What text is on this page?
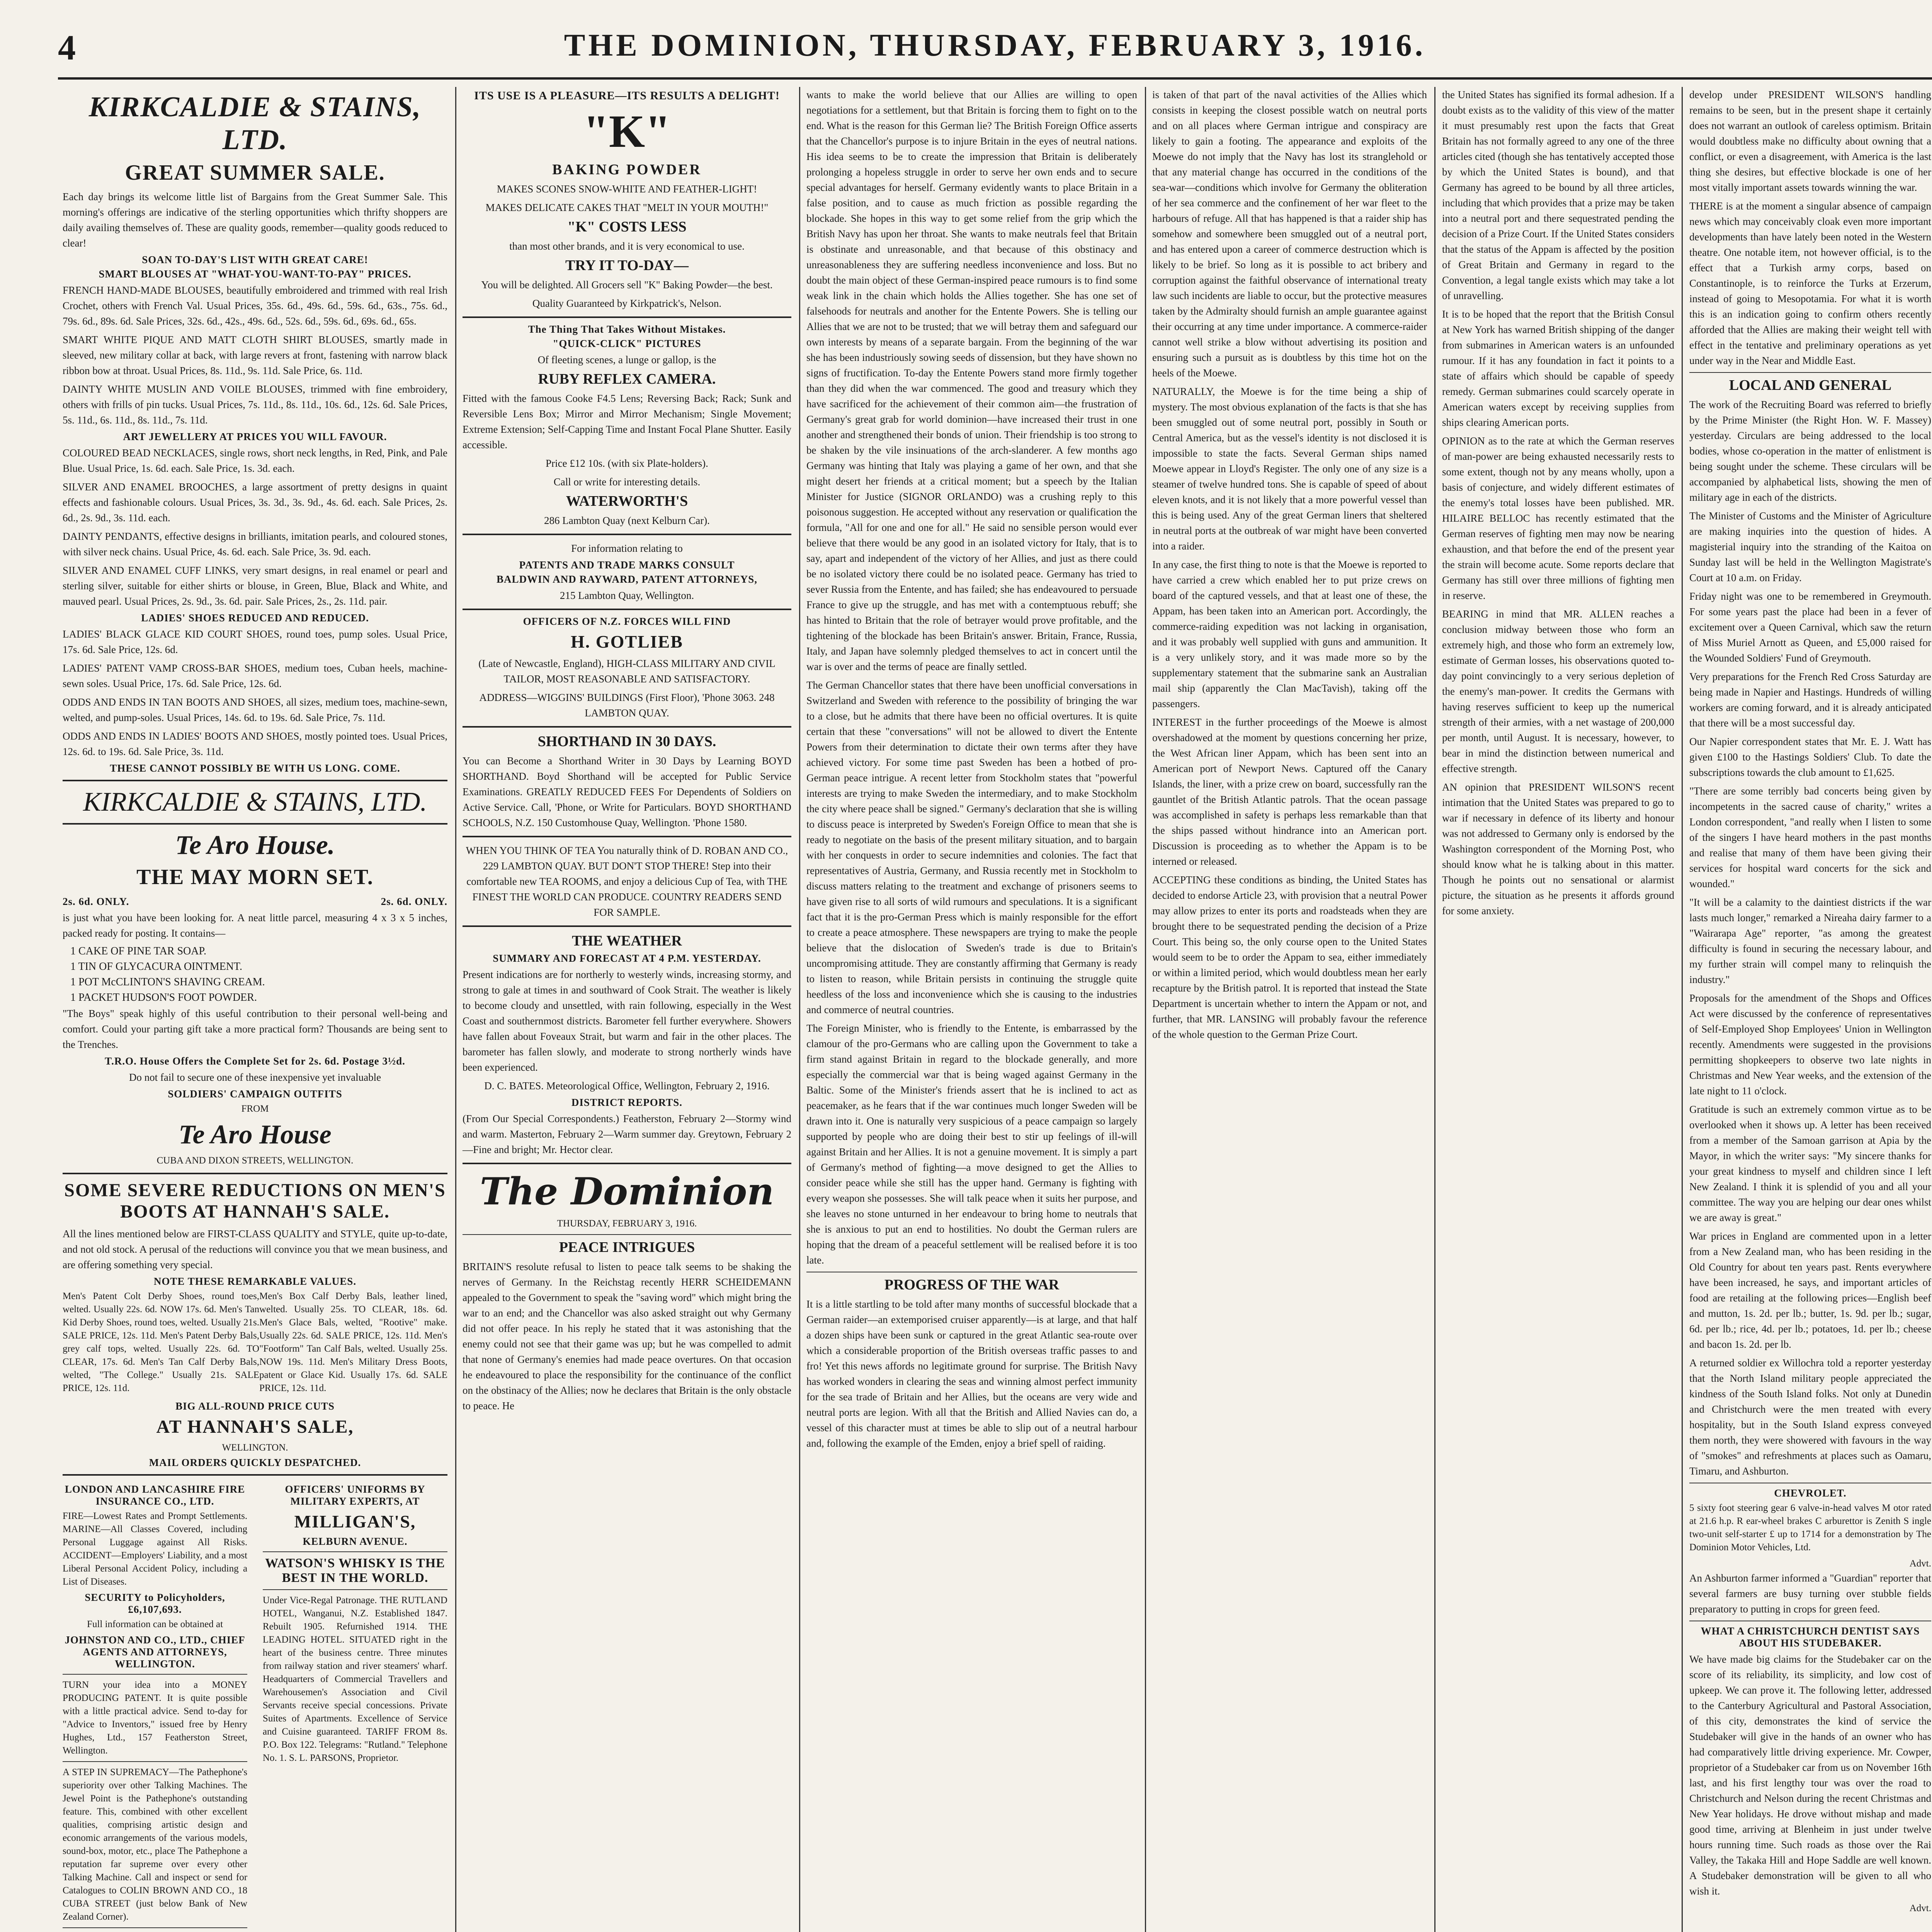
4	THE DOMINION, THURSDAY, FEBRUARY 3, 1916.
KIRKCALDIE & STAINS, LTD.
GREAT SUMMER SALE.

Each day brings its welcome little list of Bargains from the Great Summer Sale. This morning's offerings are indicative of the sterling opportunities which thrifty shoppers are daily availing themselves of. These are quality goods, remember—quality goods reduced to clear!

SOAN TO-DAY'S LIST WITH GREAT CARE!
SMART BLOUSES AT "WHAT-YOU-WANT-TO-PAY" PRICES.

FRENCH HAND-MADE BLOUSES, beautifully embroidered and trimmed with real Irish Crochet, others with French Val. Usual Prices, 35s. 6d., 49s. 6d., 59s. 6d., 63s., 75s. 6d., 79s. 6d., 89s. 6d. Sale Prices, 32s. 6d., 42s., 49s. 6d., 52s. 6d., 59s. 6d., 69s. 6d., 65s.

SMART WHITE PIQUE AND MATT CLOTH SHIRT BLOUSES, smartly made in sleeved, new military collar at back, with large revers at front, fastening with narrow black ribbon bow at throat. Usual Prices, 8s. 11d., 9s. 11d. Sale Price, 6s. 11d.

DAINTY WHITE MUSLIN AND VOILE BLOUSES, trimmed with fine embroidery, others with frills of pin tucks. Usual Prices, 7s. 11d., 8s. 11d., 10s. 6d., 12s. 6d. Sale Prices, 5s. 11d., 6s. 11d., 8s. 11d., 7s. 11d.

ART JEWELLERY AT PRICES YOU WILL FAVOUR.

COLOURED BEAD NECKLACES, single rows, short neck lengths, in Red, Pink, and Pale Blue. Usual Price, 1s. 6d. each. Sale Price, 1s. 3d. each.

SILVER AND ENAMEL BROOCHES, a large assortment of pretty designs in quaint effects and fashionable colours. Usual Prices, 3s. 3d., 3s. 9d., 4s. 6d. each. Sale Prices, 2s. 6d., 2s. 9d., 3s. 11d. each.

DAINTY PENDANTS, effective designs in brilliants, imitation pearls, and coloured stones, with silver neck chains. Usual Price, 4s. 6d. each. Sale Price, 3s. 9d. each.

SILVER AND ENAMEL CUFF LINKS, very smart designs, in real enamel or pearl and sterling silver, suitable for either shirts or blouse, in Green, Blue, Black and White, and mauved pearl. Usual Prices, 2s. 9d., 3s. 6d. pair. Sale Prices, 2s., 2s. 11d. pair.

LADIES' SHOES REDUCED AND REDUCED.

LADIES' BLACK GLACE KID COURT SHOES, round toes, pump soles. Usual Price, 17s. 6d. Sale Price, 12s. 6d.

LADIES' PATENT VAMP CROSS-BAR SHOES, medium toes, Cuban heels, machine-sewn soles. Usual Price, 17s. 6d. Sale Price, 12s. 6d.

ODDS AND ENDS IN TAN BOOTS AND SHOES, all sizes, medium toes, machine-sewn, welted, and pump-soles. Usual Prices, 14s. 6d. to 19s. 6d. Sale Price, 7s. 11d.

ODDS AND ENDS IN LADIES' BOOTS AND SHOES, mostly pointed toes. Usual Prices, 12s. 6d. to 19s. 6d. Sale Price, 3s. 11d.

THESE CANNOT POSSIBLY BE WITH US LONG. COME.
KIRKCALDIE & STAINS, LTD.
Te Aro House.
THE MAY MORN SET.
2s. 6d. ONLY.	2s. 6d. ONLY.

is just what you have been looking for. A neat little parcel, measuring 4 x 3 x 5 inches, packed ready for posting. It contains—

1 CAKE OF PINE TAR SOAP.
1 TIN OF GLYCACURA OINTMENT.
1 POT McCLINTON'S SHAVING CREAM.
1 PACKET HUDSON'S FOOT POWDER.

"The Boys" speak highly of this useful contribution to their personal well-being and comfort. Could your parting gift take a more practical form? Thousands are being sent to the Trenches.

T.R.O. House Offers the Complete Set for 2s. 6d. Postage 3½d.

Do not fail to secure one of these inexpensive yet invaluable

SOLDIERS' CAMPAIGN OUTFITS
FROM
Te Aro House
CUBA AND DIXON STREETS, WELLINGTON.
SOME SEVERE REDUCTIONS ON MEN'S BOOTS AT HANNAH'S SALE.

All the lines mentioned below are FIRST-CLASS QUALITY and STYLE, quite up-to-date, and not old stock. A perusal of the reductions will convince you that we mean business, and are offering something very special.

NOTE THESE REMARKABLE VALUES.

Men's Patent Colt Derby Shoes, round toes, welted. Usually 22s. 6d. NOW 17s. 6d. Men's Tan Kid Derby Shoes, round toes, welted. Usually 21s. SALE PRICE, 12s. 11d. Men's Patent Derby Bals, grey calf tops, welted. Usually 22s. 6d. TO CLEAR, 17s. 6d. Men's Tan Calf Derby Bals, welted, "The College." Usually 21s. SALE PRICE, 12s. 11d.

Men's Box Calf Derby Bals, leather lined, welted. Usually 25s. TO CLEAR, 18s. 6d. Men's Glace Bals, welted, "Rootive" make. Usually 22s. 6d. SALE PRICE, 12s. 11d. Men's "Footform" Tan Calf Bals, welted. Usually 25s. NOW 19s. 11d. Men's Military Dress Boots, patent or Glace Kid. Usually 17s. 6d. SALE PRICE, 12s. 11d.

BIG ALL-ROUND PRICE CUTS
AT HANNAH'S SALE,
WELLINGTON.
MAIL ORDERS QUICKLY DESPATCHED.
LONDON AND LANCASHIRE FIRE INSURANCE CO., LTD.

FIRE—Lowest Rates and Prompt Settlements. MARINE—All Classes Covered, including Personal Luggage against All Risks. ACCIDENT—Employers' Liability, and a most Liberal Personal Accident Policy, including a List of Diseases.

SECURITY to Policyholders, £6,107,693.

Full information can be obtained at

JOHNSTON AND CO., LTD., CHIEF AGENTS AND ATTORNEYS, WELLINGTON.

TURN your idea into a MONEY PRODUCING PATENT. It is quite possible with a little practical advice. Send to-day for "Advice to Inventors," issued free by Henry Hughes, Ltd., 157 Featherston Street, Wellington.

A STEP IN SUPREMACY—The Pathephone's superiority over other Talking Machines. The Jewel Point is the Pathephone's outstanding feature. This, combined with other excellent qualities, comprising artistic design and economic arrangements of the various models, sound-box, motor, etc., place The Pathephone a reputation far supreme over every other Talking Machine. Call and inspect or send for Catalogues to COLIN BROWN AND CO., 18 CUBA STREET (just below Bank of New Zealand Corner).

OFFICERS' UNIFORMS BY MILITARY EXPERTS, AT
MILLIGAN'S,
KELBURN AVENUE.
WATSON'S WHISKY IS THE BEST IN THE WORLD.

Under Vice-Regal Patronage. THE RUTLAND HOTEL, Wanganui, N.Z. Established 1847. Rebuilt 1905. Refurnished 1914. THE LEADING HOTEL. SITUATED right in the heart of the business centre. Three minutes from railway station and river steamers' wharf. Headquarters of Commercial Travellers and Warehousemen's Association and Civil Servants receive special concessions. Private Suites of Apartments. Excellence of Service and Cuisine guaranteed. TARIFF FROM 8s. P.O. Box 122. Telegrams: "Rutland." Telephone No. 1. S. L. PARSONS, Proprietor.

ITS USE IS A PLEASURE—ITS RESULTS A DELIGHT!
"K"
BAKING POWDER

MAKES SCONES SNOW-WHITE AND FEATHER-LIGHT!

MAKES DELICATE CAKES THAT "MELT IN YOUR MOUTH!"

"K" COSTS LESS

than most other brands, and it is very economical to use.

TRY IT TO-DAY—

You will be delighted. All Grocers sell "K" Baking Powder—the best.

Quality Guaranteed by Kirkpatrick's, Nelson.

The Thing That Takes Without Mistakes.
"QUICK-CLICK" PICTURES

Of fleeting scenes, a lunge or gallop, is the

RUBY REFLEX CAMERA.

Fitted with the famous Cooke F4.5 Lens; Reversing Back; Rack; Sunk and Reversible Lens Box; Mirror and Mirror Mechanism; Single Movement; Extreme Extension; Self-Capping Time and Instant Focal Plane Shutter. Easily accessible.

Price £12 10s. (with six Plate-holders).

Call or write for interesting details.

WATERWORTH'S

286 Lambton Quay (next Kelburn Car).

For information relating to

PATENTS AND TRADE MARKS CONSULT
BALDWIN AND RAYWARD, PATENT ATTORNEYS,

215 Lambton Quay, Wellington.

OFFICERS OF N.Z. FORCES WILL FIND
H. GOTLIEB

(Late of Newcastle, England), HIGH-CLASS MILITARY AND CIVIL TAILOR, MOST REASONABLE AND SATISFACTORY.

ADDRESS—WIGGINS' BUILDINGS (First Floor), 'Phone 3063. 248 LAMBTON QUAY.

SHORTHAND IN 30 DAYS.

You can Become a Shorthand Writer in 30 Days by Learning BOYD SHORTHAND. Boyd Shorthand will be accepted for Public Service Examinations. GREATLY REDUCED FEES For Dependents of Soldiers on Active Service. Call, 'Phone, or Write for Particulars. BOYD SHORTHAND SCHOOLS, N.Z. 150 Customhouse Quay, Wellington. 'Phone 1580.

WHEN YOU THINK OF TEA You naturally think of D. ROBAN AND CO., 229 LAMBTON QUAY. BUT DON'T STOP THERE! Step into their comfortable new TEA ROOMS, and enjoy a delicious Cup of Tea, with THE FINEST THE WORLD CAN PRODUCE. COUNTRY READERS SEND FOR SAMPLE.

THE WEATHER
SUMMARY AND FORECAST AT 4 P.M. YESTERDAY.

Present indications are for northerly to westerly winds, increasing stormy, and strong to gale at times in and southward of Cook Strait. The weather is likely to become cloudy and unsettled, with rain following, especially in the West Coast and southernmost districts. Barometer fell further everywhere. Showers have fallen about Foveaux Strait, but warm and fair in the other places. The barometer has fallen slowly, and moderate to strong northerly winds have been experienced.

D. C. BATES. Meteorological Office, Wellington, February 2, 1916.

DISTRICT REPORTS.

(From Our Special Correspondents.) Featherston, February 2—Stormy wind and warm. Masterton, February 2—Warm summer day. Greytown, February 2—Fine and bright; Mr. Hector clear.

The Dominion
THURSDAY, FEBRUARY 3, 1916.
PEACE INTRIGUES

BRITAIN'S resolute refusal to listen to peace talk seems to be shaking the nerves of Germany. In the Reichstag recently HERR SCHEIDEMANN appealed to the Government to speak the "saving word" which might bring the war to an end; and the Chancellor was also asked straight out why Germany did not offer peace. In his reply he stated that it was astonishing that the enemy could not see that their game was up; but he was compelled to admit that none of Germany's enemies had made peace overtures. On that occasion he endeavoured to place the responsibility for the continuance of the conflict on the obstinacy of the Allies; now he declares that Britain is the only obstacle to peace. He

wants to make the world believe that our Allies are willing to open negotiations for a settlement, but that Britain is forcing them to fight on to the end. What is the reason for this German lie? The British Foreign Office asserts that the Chancellor's purpose is to injure Britain in the eyes of neutral nations. His idea seems to be to create the impression that Britain is deliberately prolonging a hopeless struggle in order to serve her own ends and to secure special advantages for herself. Germany evidently wants to place Britain in a false position, and to cause as much friction as possible regarding the blockade. She hopes in this way to get some relief from the grip which the British Navy has upon her throat. She wants to make neutrals feel that Britain is obstinate and unreasonable, and that because of this obstinacy and unreasonableness they are suffering needless inconvenience and loss. But no doubt the main object of these German-inspired peace rumours is to find some weak link in the chain which holds the Allies together. She has one set of falsehoods for neutrals and another for the Entente Powers. She is telling our Allies that we are not to be trusted; that we will betray them and safeguard our own interests by means of a separate bargain. From the beginning of the war she has been industriously sowing seeds of dissension, but they have shown no signs of fructification. To-day the Entente Powers stand more firmly together than they did when the war commenced. The good and treasury which they have sacrificed for the achievement of their common aim—the frustration of Germany's great grab for world dominion—have increased their trust in one another and strengthened their bonds of union. Their friendship is too strong to be shaken by the vile insinuations of the arch-slanderer. A few months ago Germany was hinting that Italy was playing a game of her own, and that she might desert her friends at a critical moment; but a speech by the Italian Minister for Justice (SIGNOR ORLANDO) was a crushing reply to this poisonous suggestion. He accepted without any reservation or qualification the formula, "All for one and one for all." He said no sensible person would ever believe that there would be any good in an isolated victory for Italy, that is to say, apart and independent of the victory of her Allies, and just as there could be no isolated victory there could be no isolated peace. Germany has tried to sever Russia from the Entente, and has failed; she has endeavoured to persuade France to give up the struggle, and has met with a contemptuous rebuff; she has hinted to Britain that the role of betrayer would prove profitable, and the tightening of the blockade has been Britain's answer. Britain, France, Russia, Italy, and Japan have solemnly pledged themselves to act in concert until the war is over and the terms of peace are finally settled.

The German Chancellor states that there have been unofficial conversations in Switzerland and Sweden with reference to the possibility of bringing the war to a close, but he admits that there have been no official overtures. It is quite certain that these "conversations" will not be allowed to divert the Entente Powers from their determination to dictate their own terms after they have achieved victory. For some time past Sweden has been a hotbed of pro-German peace intrigue. A recent letter from Stockholm states that "powerful interests are trying to make Sweden the intermediary, and to make Stockholm the city where peace shall be signed." Germany's declaration that she is willing to discuss peace is interpreted by Sweden's Foreign Office to mean that she is ready to negotiate on the basis of the present military situation, and to bargain with her conquests in order to secure indemnities and colonies. The fact that representatives of Austria, Germany, and Russia recently met in Stockholm to discuss matters relating to the treatment and exchange of prisoners seems to have given rise to all sorts of wild rumours and speculations. It is a significant fact that it is the pro-German Press which is mainly responsible for the effort to create a peace atmosphere. These newspapers are trying to make the people believe that the dislocation of Sweden's trade is due to Britain's uncompromising attitude. They are constantly affirming that Germany is ready to listen to reason, while Britain persists in continuing the struggle quite heedless of the loss and inconvenience which she is causing to the industries and commerce of neutral countries.

The Foreign Minister, who is friendly to the Entente, is embarrassed by the clamour of the pro-Germans who are calling upon the Government to take a firm stand against Britain in regard to the blockade generally, and more especially the commercial war that is being waged against Germany in the Baltic. Some of the Minister's friends assert that he is inclined to act as peacemaker, as he fears that if the war continues much longer Sweden will be drawn into it. One is naturally very suspicious of a peace campaign so largely supported by people who are doing their best to stir up feelings of ill-will against Britain and her Allies. It is not a genuine movement. It is simply a part of Germany's method of fighting—a move designed to get the Allies to consider peace while she still has the upper hand. Germany is fighting with every weapon she possesses. She will talk peace when it suits her purpose, and she leaves no stone unturned in her endeavour to bring home to neutrals that she is anxious to put an end to hostilities. No doubt the German rulers are hoping that the dream of a peaceful settlement will be realised before it is too late.

PROGRESS OF THE WAR

It is a little startling to be told after many months of successful blockade that a German raider—an extemporised cruiser apparently—is at large, and that half a dozen ships have been sunk or captured in the great Atlantic sea-route over which a considerable proportion of the British overseas traffic passes to and fro! Yet this news affords no legitimate ground for surprise. The British Navy has worked wonders in clearing the seas and winning almost perfect immunity for the sea trade of Britain and her Allies, but the oceans are very wide and neutral ports are legion. With all that the British and Allied Navies can do, a vessel of this character must at times be able to slip out of a neutral harbour and, following the example of the Emden, enjoy a brief spell of raiding.

is taken of that part of the naval activities of the Allies which consists in keeping the closest possible watch on neutral ports and on all places where German intrigue and conspiracy are likely to gain a footing. The appearance and exploits of the Moewe do not imply that the Navy has lost its stranglehold or that any material change has occurred in the conditions of the sea-war—conditions which involve for Germany the obliteration of her sea commerce and the confinement of her war fleet to the harbours of refuge. All that has happened is that a raider ship has somehow and somewhere been smuggled out of a neutral port, and has entered upon a career of commerce destruction which is likely to be brief. So long as it is possible to act bribery and corruption against the faithful observance of international treaty law such incidents are liable to occur, but the protective measures taken by the Admiralty should furnish an ample guarantee against their occurring at any time under importance. A commerce-raider cannot well strike a blow without advertising its position and ensuring such a pursuit as is doubtless by this time hot on the heels of the Moewe.

NATURALLY, the Moewe is for the time being a ship of mystery. The most obvious explanation of the facts is that she has been smuggled out of some neutral port, possibly in South or Central America, but as the vessel's identity is not disclosed it is impossible to state the facts. Several German ships named Moewe appear in Lloyd's Register. The only one of any size is a steamer of twelve hundred tons. She is capable of speed of about eleven knots, and it is not likely that a more powerful vessel than this is being used. Any of the great German liners that sheltered in neutral ports at the outbreak of war might have been converted into a raider.

In any case, the first thing to note is that the Moewe is reported to have carried a crew which enabled her to put prize crews on board of the captured vessels, and that at least one of these, the Appam, has been taken into an American port. Accordingly, the commerce-raiding expedition was not lacking in organisation, and it was probably well supplied with guns and ammunition. It is a very unlikely story, and it was made more so by the supplementary statement that the submarine sank an Australian mail ship (apparently the Clan MacTavish), taking off the passengers.

INTEREST in the further proceedings of the Moewe is almost overshadowed at the moment by questions concerning her prize, the West African liner Appam, which has been sent into an American port of Newport News. Captured off the Canary Islands, the liner, with a prize crew on board, successfully ran the gauntlet of the British Atlantic patrols. That the ocean passage was accomplished in safety is perhaps less remarkable than that the ships passed without hindrance into an American port. Discussion is proceeding as to whether the Appam is to be interned or released.

ACCEPTING these conditions as binding, the United States has decided to endorse Article 23, with provision that a neutral Power may allow prizes to enter its ports and roadsteads when they are brought there to be sequestrated pending the decision of a Prize Court. This being so, the only course open to the United States would seem to be to order the Appam to sea, either immediately or within a limited period, which would doubtless mean her early recapture by the British patrol. It is reported that instead the State Department is uncertain whether to intern the Appam or not, and further, that MR. LANSING will probably favour the reference of the whole question to the German Prize Court.

the United States has signified its formal adhesion. If a doubt exists as to the validity of this view of the matter it must presumably rest upon the facts that Great Britain has not formally agreed to any one of the three articles cited (though she has tentatively accepted those by which the United States is bound), and that Germany has agreed to be bound by all three articles, including that which provides that a prize may be taken into a neutral port and there sequestrated pending the decision of a Prize Court. If the United States considers that the status of the Appam is affected by the position of Great Britain and Germany in regard to the Convention, a legal tangle exists which may take a lot of unravelling.

It is to be hoped that the report that the British Consul at New York has warned British shipping of the danger from submarines in American waters is an unfounded rumour. If it has any foundation in fact it points to a state of affairs which should be capable of speedy remedy. German submarines could scarcely operate in American waters except by receiving supplies from ships clearing American ports.

OPINION as to the rate at which the German reserves of man-power are being exhausted necessarily rests to some extent, though not by any means wholly, upon a basis of conjecture, and widely different estimates of the enemy's total losses have been published. MR. HILAIRE BELLOC has recently estimated that the German reserves of fighting men may now be nearing exhaustion, and that before the end of the present year the strain will become acute. Some reports declare that Germany has still over three millions of fighting men in reserve.

BEARING in mind that MR. ALLEN reaches a conclusion midway between those who form an extremely high, and those who form an extremely low, estimate of German losses, his observations quoted to-day point convincingly to a very serious depletion of the enemy's man-power. It credits the Germans with having reserves sufficient to keep up the numerical strength of their armies, with a net wastage of 200,000 per month, until August. It is necessary, however, to bear in mind the distinction between numerical and effective strength.

AN opinion that PRESIDENT WILSON'S recent intimation that the United States was prepared to go to war if necessary in defence of its liberty and honour was not addressed to Germany only is endorsed by the Washington correspondent of the Morning Post, who should know what he is talking about in this matter. Though he points out no sensational or alarmist picture, the situation as he presents it affords ground for some anxiety.

develop under PRESIDENT WILSON'S handling remains to be seen, but in the present shape it certainly does not warrant an outlook of careless optimism. Britain would doubtless make no difficulty about owning that a conflict, or even a disagreement, with America is the last thing she desires, but effective blockade is one of her most vitally important assets towards winning the war.

THERE is at the moment a singular absence of campaign news which may conceivably cloak even more important developments than have lately been noted in the Western theatre. One notable item, not however official, is to the effect that a Turkish army corps, based on Constantinople, is to reinforce the Turks at Erzerum, instead of going to Mesopotamia. For what it is worth this is an indication going to confirm others recently afforded that the Allies are making their weight tell with effect in the tentative and preliminary operations as yet under way in the Near and Middle East.

LOCAL AND GENERAL

The work of the Recruiting Board was referred to briefly by the Prime Minister (the Right Hon. W. F. Massey) yesterday. Circulars are being addressed to the local bodies, whose co-operation in the matter of enlistment is being sought under the scheme. These circulars will be accompanied by alphabetical lists, showing the men of military age in each of the districts.

The Minister of Customs and the Minister of Agriculture are making inquiries into the question of hides. A magisterial inquiry into the stranding of the Kaitoa on Sunday last will be held in the Wellington Magistrate's Court at 10 a.m. on Friday.

Friday night was one to be remembered in Greymouth. For some years past the place had been in a fever of excitement over a Queen Carnival, which saw the return of Miss Muriel Arnott as Queen, and £5,000 raised for the Wounded Soldiers' Fund of Greymouth.

Very preparations for the French Red Cross Saturday are being made in Napier and Hastings. Hundreds of willing workers are coming forward, and it is already anticipated that there will be a most successful day.

Our Napier correspondent states that Mr. E. J. Watt has given £100 to the Hastings Soldiers' Club. To date the subscriptions towards the club amount to £1,625.

"There are some terribly bad concerts being given by incompetents in the sacred cause of charity," writes a London correspondent, "and really when I listen to some of the singers I have heard mothers in the past months and realise that many of them have been giving their services for hospital ward concerts for the sick and wounded."

"It will be a calamity to the daintiest districts if the war lasts much longer," remarked a Nireaha dairy farmer to a "Wairarapa Age" reporter, "as among the greatest difficulty is found in securing the necessary labour, and my further strain will compel many to relinquish the industry."

Proposals for the amendment of the Shops and Offices Act were discussed by the conference of representatives of Self-Employed Shop Employees' Union in Wellington recently. Amendments were suggested in the provisions permitting shopkeepers to observe two late nights in Christmas and New Year weeks, and the extension of the late night to 11 o'clock.

Gratitude is such an extremely common virtue as to be overlooked when it shows up. A letter has been received from a member of the Samoan garrison at Apia by the Mayor, in which the writer says: "My sincere thanks for your great kindness to myself and children since I left New Zealand. I think it is splendid of you and all your committee. The way you are helping our dear ones whilst we are away is great."

War prices in England are commented upon in a letter from a New Zealand man, who has been residing in the Old Country for about ten years past. Rents everywhere have been increased, he says, and important articles of food are retailing at the following prices—English beef and mutton, 1s. 2d. per lb.; butter, 1s. 9d. per lb.; sugar, 6d. per lb.; rice, 4d. per lb.; potatoes, 1d. per lb.; cheese and bacon 1s. 2d. per lb.

A returned soldier ex Willochra told a reporter yesterday that the North Island military people appreciated the kindness of the South Island folks. Not only at Dunedin and Christchurch were the men treated with every hospitality, but in the South Island express conveyed them north, they were showered with favours in the way of "smokes" and refreshments at places such as Oamaru, Timaru, and Ashburton.

CHEVROLET.

5 sixty foot steering gear 6 valve-in-head valves M otor rated at 21.6 h.p. R ear-wheel brakes C arburettor is Zenith S ingle two-unit self-starter £ up to 1714 for a demonstration by The Dominion Motor Vehicles, Ltd.

Advt.

An Ashburton farmer informed a "Guardian" reporter that several farmers are busy turning over stubble fields preparatory to putting in crops for green feed.

WHAT A CHRISTCHURCH DENTIST SAYS ABOUT HIS STUDEBAKER.

We have made big claims for the Studebaker car on the score of its reliability, its simplicity, and low cost of upkeep. We can prove it. The following letter, addressed to the Canterbury Agricultural and Pastoral Association, of this city, demonstrates the kind of service the Studebaker will give in the hands of an owner who has had comparatively little driving experience. Mr. Cowper, proprietor of a Studebaker car from us on November 16th last, and his first lengthy tour was over the road to Christchurch and Nelson during the recent Christmas and New Year holidays. He drove without mishap and made good time, arriving at Blenheim in just under twelve hours running time. Such roads as those over the Rai Valley, the Takaka Hill and Hope Saddle are well known. A Studebaker demonstration will be given to all who wish it.

Advt.
